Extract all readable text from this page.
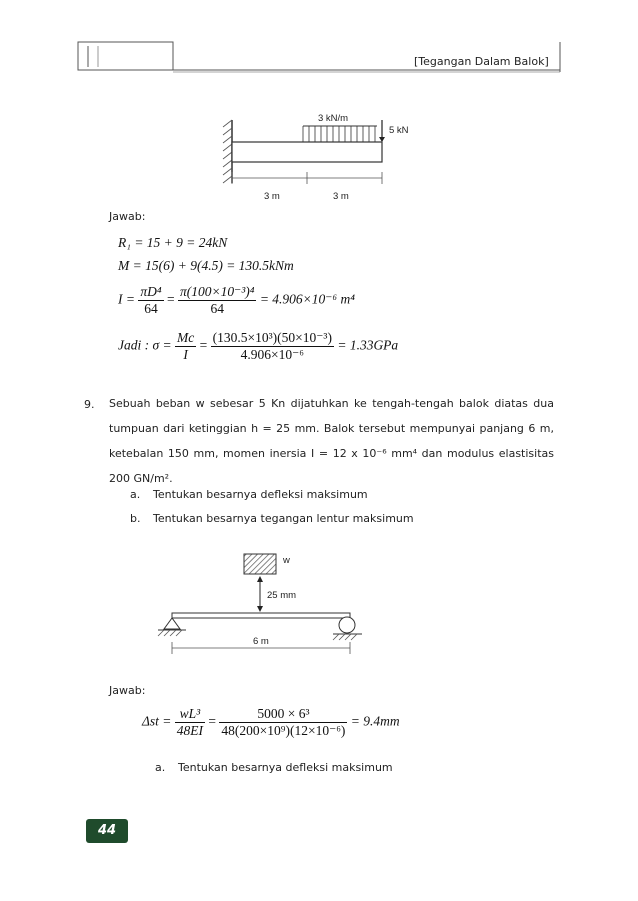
[Tegangan Dalam Balok]
3 kN/m
5 kN
3 m	3 m
Jawab:
R₁ = 15 + 9 = 24kN
M = 15(6) + 9(4.5) = 130.5kNm
$I = \frac{\text{πD⁴}}{64} = \frac{\text{π(100×10⁻³)⁴}}{64} = 4.906\times 10^{-6}$ m⁴
Jadi : $\sigma = \frac{Mc}{I} = \frac{\text{(130.5×10³)(50×10⁻³)}}{\text{4.906×10⁻⁶}} = 1.33GPa$
9. Sebuah beban w sebesar 5 Kn dijatuhkan ke tengah-tengah balok diatas dua tumpuan dari ketinggian h = 25 mm. Balok tersebut mempunyai panjang 6 m, ketebalan 150 mm, momen inersia I = 12 x 10⁻⁶ mm⁴ dan modulus elastisitas 200 GN/m².
a. Tentukan besarnya defleksi maksimum
b. Tentukan besarnya tegangan lentur maksimum
w
25 mm
6 m
Jawab:
$\Delta st = \frac{\text{wL³}}{48EI} = \frac{\text{5000 × 6³}}{\text{48(200×10⁹)(12×10⁻⁶)}} = 9.4mm$
a. Tentukan besarnya defleksi maksimum
44
